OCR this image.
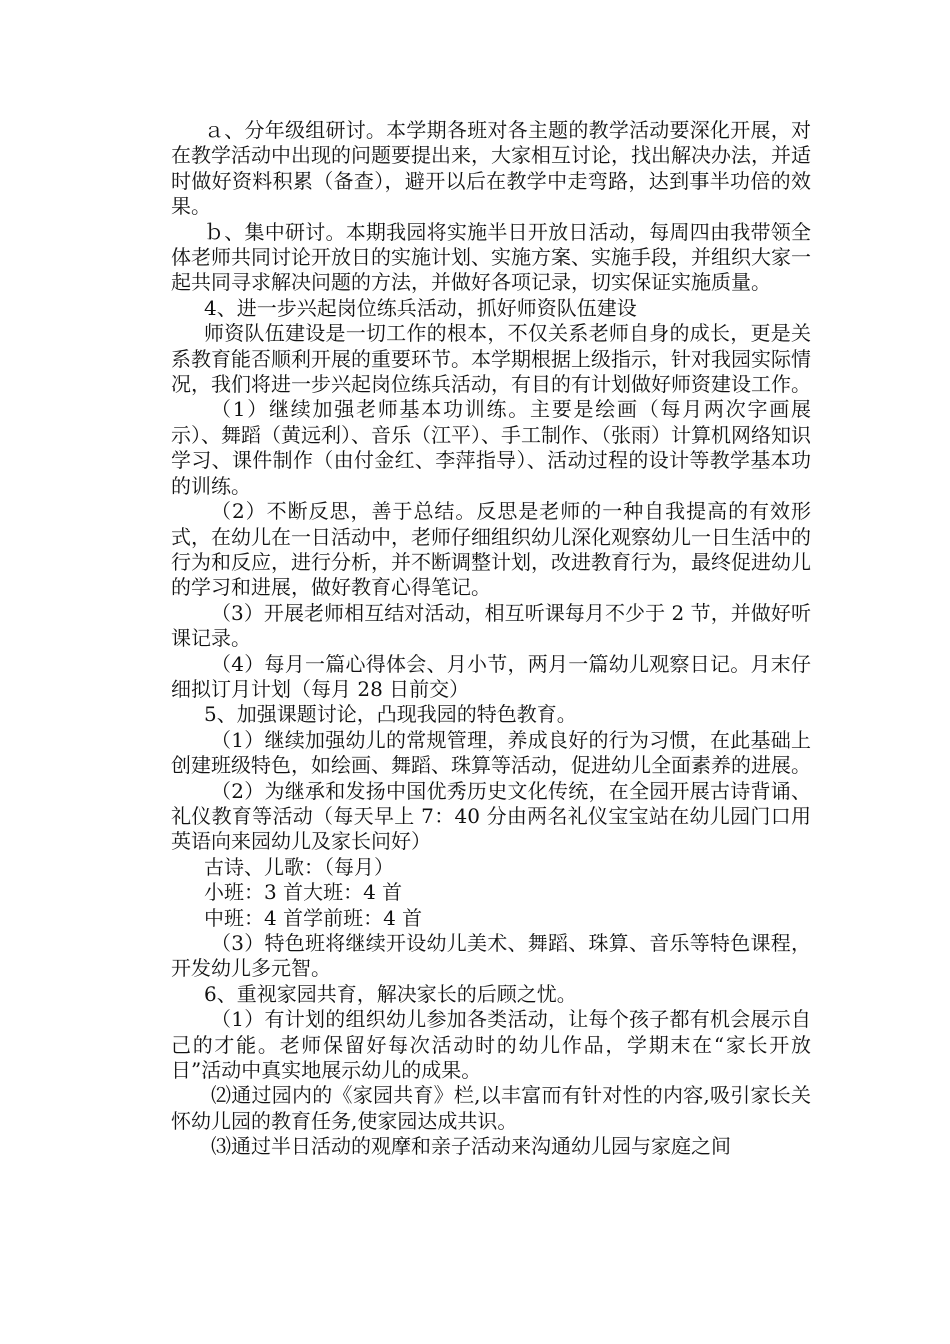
ａ、分年级组研讨。本学期各班对各主题的教学活动要深化开展，对在教学活动中出现的问题要提出来，大家相互讨论，找出解决办法，并适时做好资料积累（备查），避开以后在教学中走弯路，达到事半功倍的效果。

ｂ、集中研讨。本期我园将实施半日开放日活动，每周四由我带领全体老师共同讨论开放日的实施计划、实施方案、实施手段，并组织大家一起共同寻求解决问题的方法，并做好各项记录，切实保证实施质量。

4、进一步兴起岗位练兵活动，抓好师资队伍建设

师资队伍建设是一切工作的根本，不仅关系老师自身的成长，更是关系教育能否顺利开展的重要环节。本学期根据上级指示，针对我园实际情况，我们将进一步兴起岗位练兵活动，有目的有计划做好师资建设工作。

（1）继续加强老师基本功训练。主要是绘画（每月两次字画展示）、舞蹈（黄远利）、音乐（江平）、手工制作、（张雨）计算机网络知识学习、课件制作（由付金红、李萍指导）、活动过程的设计等教学基本功的训练。

（2）不断反思，善于总结。反思是老师的一种自我提高的有效形式，在幼儿在一日活动中，老师仔细组织幼儿深化观察幼儿一日生活中的行为和反应，进行分析，并不断调整计划，改进教育行为，最终促进幼儿的学习和进展，做好教育心得笔记。

（3）开展老师相互结对活动，相互听课每月不少于 2 节，并做好听课记录。

（4）每月一篇心得体会、月小节，两月一篇幼儿观察日记。月末仔细拟订月计划（每月 28 日前交）

5、加强课题讨论，凸现我园的特色教育。

（1）继续加强幼儿的常规管理，养成良好的行为习惯，在此基础上创建班级特色，如绘画、舞蹈、珠算等活动，促进幼儿全面素养的进展。

（2）为继承和发扬中国优秀历史文化传统，在全园开展古诗背诵、礼仪教育等活动（每天早上 7：40 分由两名礼仪宝宝站在幼儿园门口用英语向来园幼儿及家长问好）

古诗、儿歌：（每月）

小班：3 首大班：4 首

中班：4 首学前班：4 首

（3）特色班将继续开设幼儿美术、舞蹈、珠算、音乐等特色课程，开发幼儿多元智。

6、重视家园共育，解决家长的后顾之忧。

（1）有计划的组织幼儿参加各类活动，让每个孩子都有机会展示自己的才能。老师保留好每次活动时的幼儿作品，学期末在“家长开放日”活动中真实地展示幼儿的成果。

⑵通过园内的《家园共育》栏,以丰富而有针对性的内容,吸引家长关怀幼儿园的教育任务,使家园达成共识。

⑶通过半日活动的观摩和亲子活动来沟通幼儿园与家庭之间
